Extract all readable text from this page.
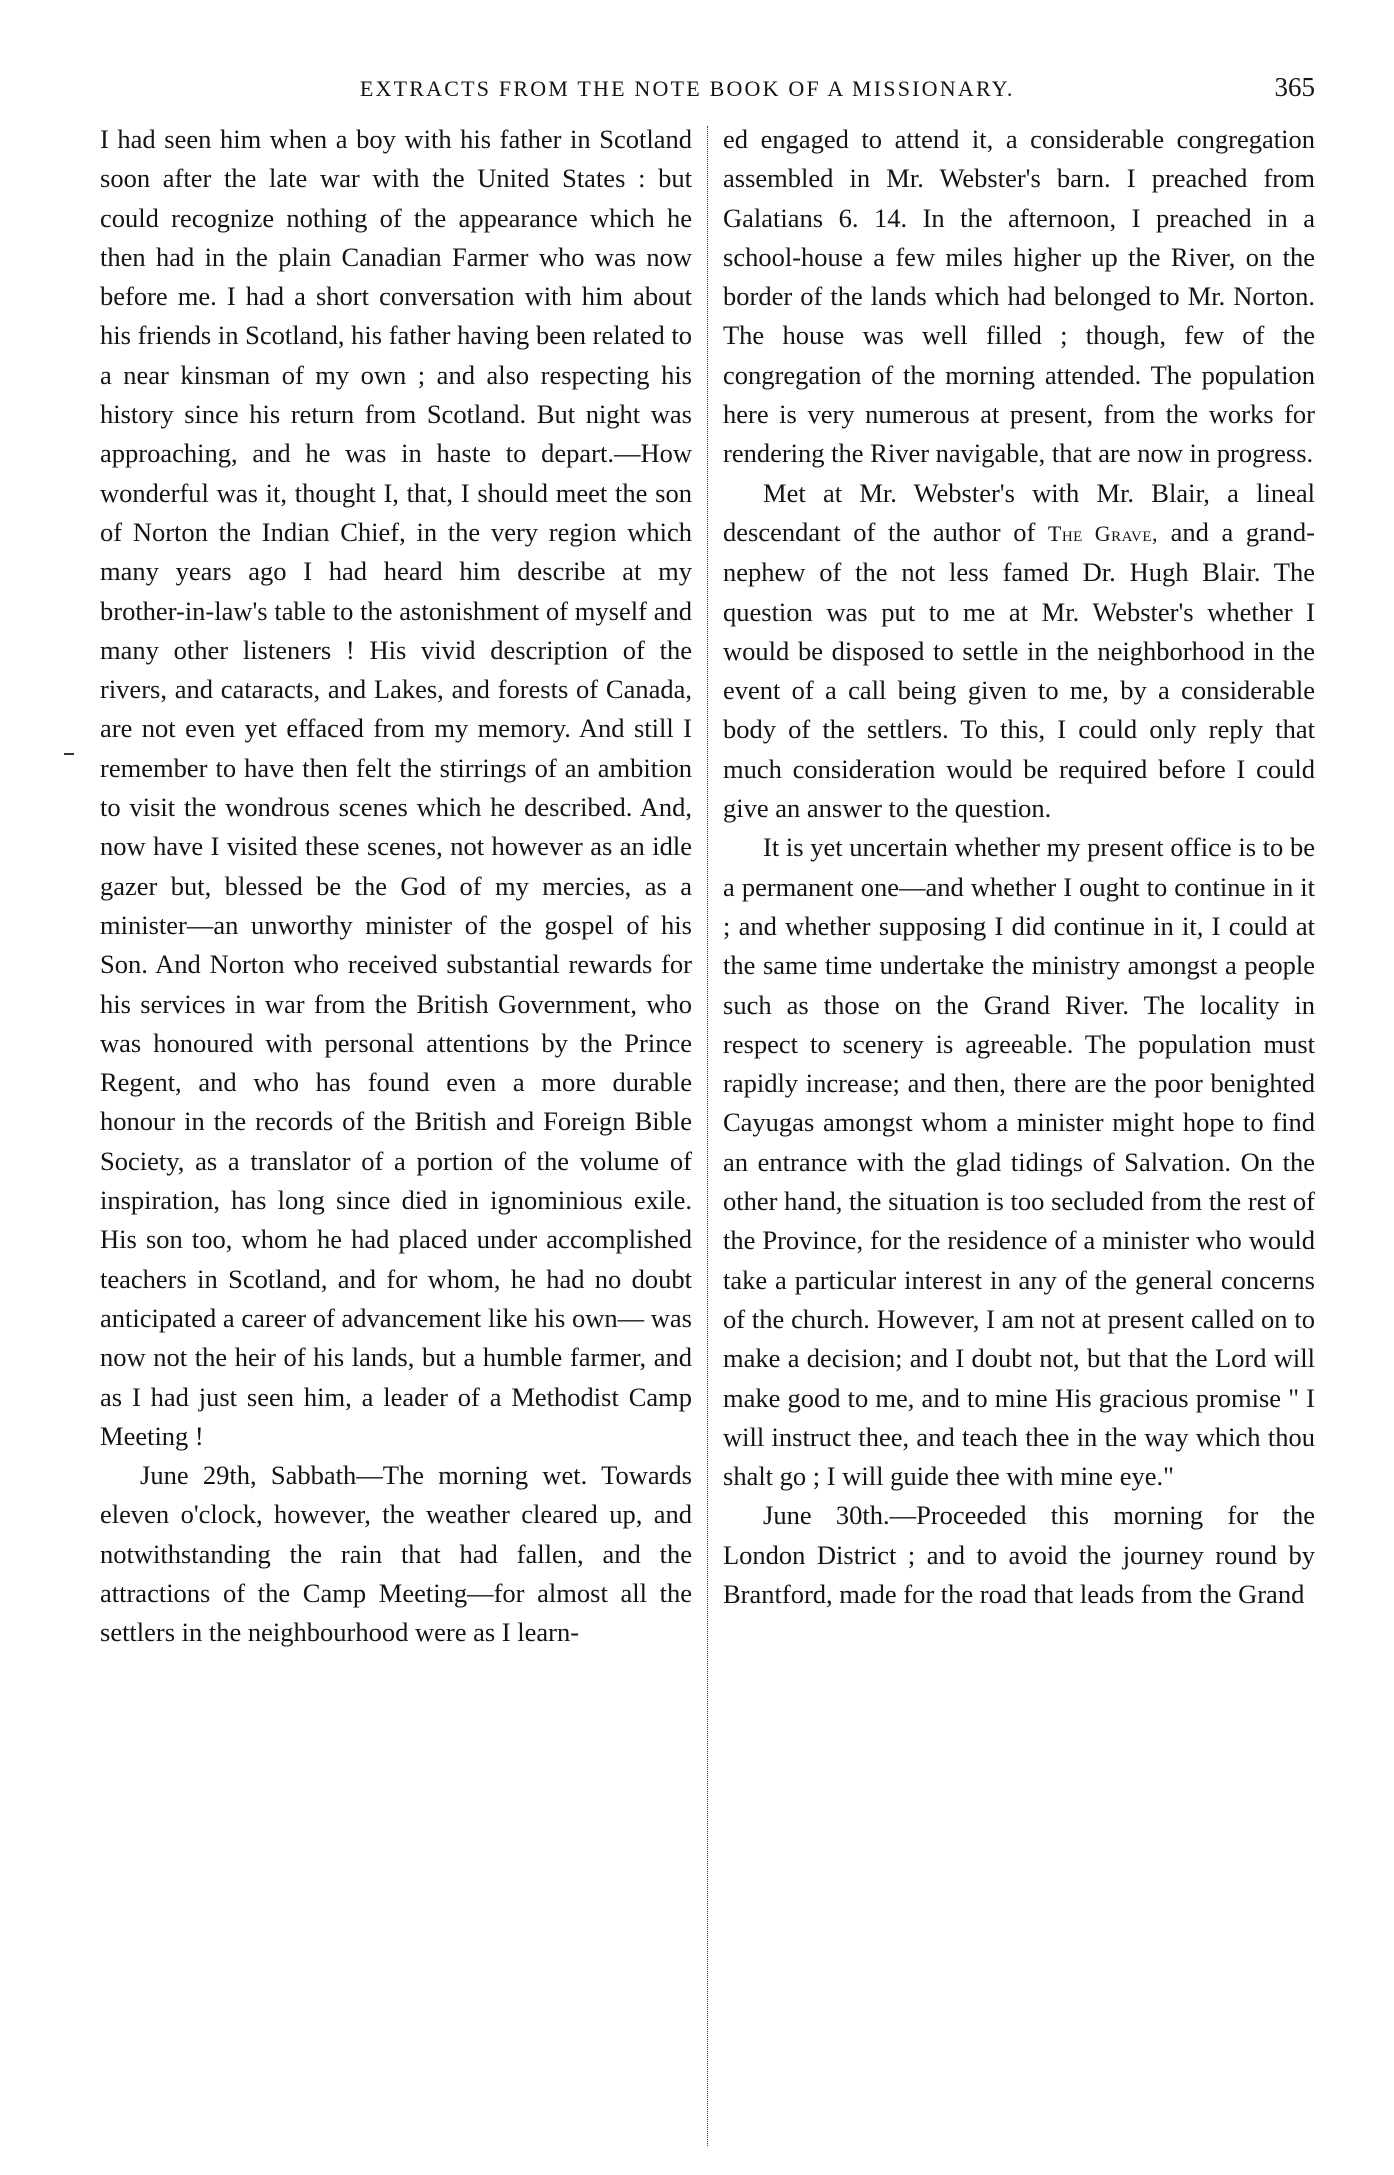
EXTRACTS FROM THE NOTE BOOK OF A MISSIONARY.	365

I had seen him when a boy with his father in Scotland soon after the late war with the United States : but could recognize nothing of the appearance which he then had in the plain Canadian Farmer who was now before me. I had a short conversation with him about his friends in Scotland, his father having been related to a near kinsman of my own ; and also respecting his history since his return from Scotland. But night was approaching, and he was in haste to depart.—How wonderful was it, thought I, that, I should meet the son of Norton the Indian Chief, in the very region which many years ago I had heard him describe at my brother-in-law's table to the astonishment of myself and many other listeners ! His vivid description of the rivers, and cataracts, and Lakes, and forests of Canada, are not even yet effaced from my memory. And still I remember to have then felt the stirrings of an ambition to visit the wondrous scenes which he described. And, now have I visited these scenes, not however as an idle gazer but, blessed be the God of my mercies, as a minister—an unworthy minister of the gospel of his Son. And Norton who received substantial rewards for his services in war from the British Government, who was honoured with personal attentions by the Prince Regent, and who has found even a more durable honour in the records of the British and Foreign Bible Society, as a translator of a portion of the volume of inspiration, has long since died in ignominious exile. His son too, whom he had placed under accomplished teachers in Scotland, and for whom, he had no doubt anticipated a career of advancement like his own— was now not the heir of his lands, but a humble farmer, and as I had just seen him, a leader of a Methodist Camp Meeting !

June 29th, Sabbath—The morning wet. Towards eleven o'clock, however, the weather cleared up, and notwithstanding the rain that had fallen, and the attractions of the Camp Meeting—for almost all the settlers in the neighbourhood were as I learn-

ed engaged to attend it, a considerable congregation assembled in Mr. Webster's barn. I preached from Galatians 6. 14. In the afternoon, I preached in a school-house a few miles higher up the River, on the border of the lands which had belonged to Mr. Norton. The house was well filled ; though, few of the congregation of the morning attended. The population here is very numerous at present, from the works for rendering the River navigable, that are now in progress.

Met at Mr. Webster's with Mr. Blair, a lineal descendant of the author of The Grave, and a grand-nephew of the not less famed Dr. Hugh Blair. The question was put to me at Mr. Webster's whether I would be disposed to settle in the neighborhood in the event of a call being given to me, by a considerable body of the settlers. To this, I could only reply that much consideration would be required before I could give an answer to the question.

It is yet uncertain whether my present office is to be a permanent one—and whether I ought to continue in it ; and whether supposing I did continue in it, I could at the same time undertake the ministry amongst a people such as those on the Grand River. The locality in respect to scenery is agreeable. The population must rapidly increase; and then, there are the poor benighted Cayugas amongst whom a minister might hope to find an entrance with the glad tidings of Salvation. On the other hand, the situation is too secluded from the rest of the Province, for the residence of a minister who would take a particular interest in any of the general concerns of the church. However, I am not at present called on to make a decision; and I doubt not, but that the Lord will make good to me, and to mine His gracious promise " I will instruct thee, and teach thee in the way which thou shalt go ; I will guide thee with mine eye."

June 30th.—Proceeded this morning for the London District ; and to avoid the journey round by Brantford, made for the road that leads from the Grand
